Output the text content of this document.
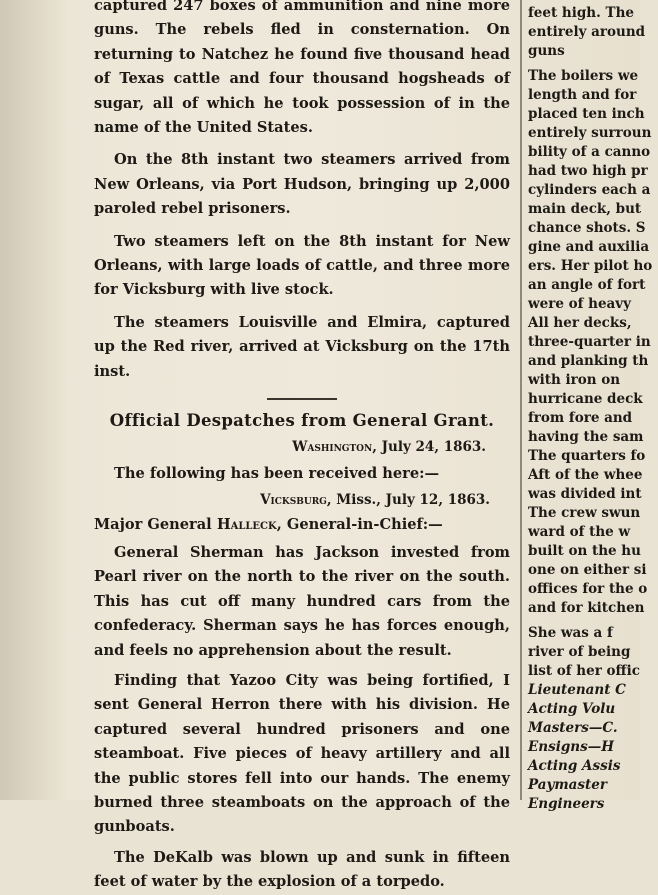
captured 247 boxes of ammunition and nine more guns. The rebels fled in consternation. On returning to Natchez he found five thousand head of Texas cattle and four thousand hogsheads of sugar, all of which he took possession of in the name of the United States.

On the 8th instant two steamers arrived from New Orleans, via Port Hudson, bringing up 2,000 paroled rebel prisoners.

Two steamers left on the 8th instant for New Orleans, with large loads of cattle, and three more for Vicksburg with live stock.

The steamers Louisville and Elmira, captured up the Red river, arrived at Vicksburg on the 17th inst.

Official Despatches from General Grant.
Washington, July 24, 1863.

The following has been received here:—

Vicksburg, Miss., July 12, 1863.

Major General Halleck, General-in-Chief:—

General Sherman has Jackson invested from Pearl river on the north to the river on the south. This has cut off many hundred cars from the confederacy. Sherman says he has forces enough, and feels no apprehension about the result.

Finding that Yazoo City was being fortified, I sent General Herron there with his division. He captured several hundred prisoners and one steamboat. Five pieces of heavy artillery and all the public stores fell into our hands. The enemy burned three steamboats on the approach of the gunboats.

The DeKalb was blown up and sunk in fifteen feet of water by the explosion of a torpedo.

feet high. The
entirely around
guns
The boilers we
length and for
placed ten inch
entirely surroun
bility of a canno
had two high pr
cylinders each a
main deck, but
chance shots. S
gine and auxilia
ers. Her pilot ho
an angle of fort
were of heavy
All her decks,
three-quarter in
and planking th
with iron on
hurricane deck
from fore and
having the sam
The quarters fo
Aft of the whee
was divided int
The crew swun
ward of the w
built on the hu
one on either si
offices for the o
and for kitchen
She was a f
river of being
list of her offic
Lieutenant C
Acting Volu
Masters—C.
Ensigns—H
Acting Assis
Paymaster
Engineers
